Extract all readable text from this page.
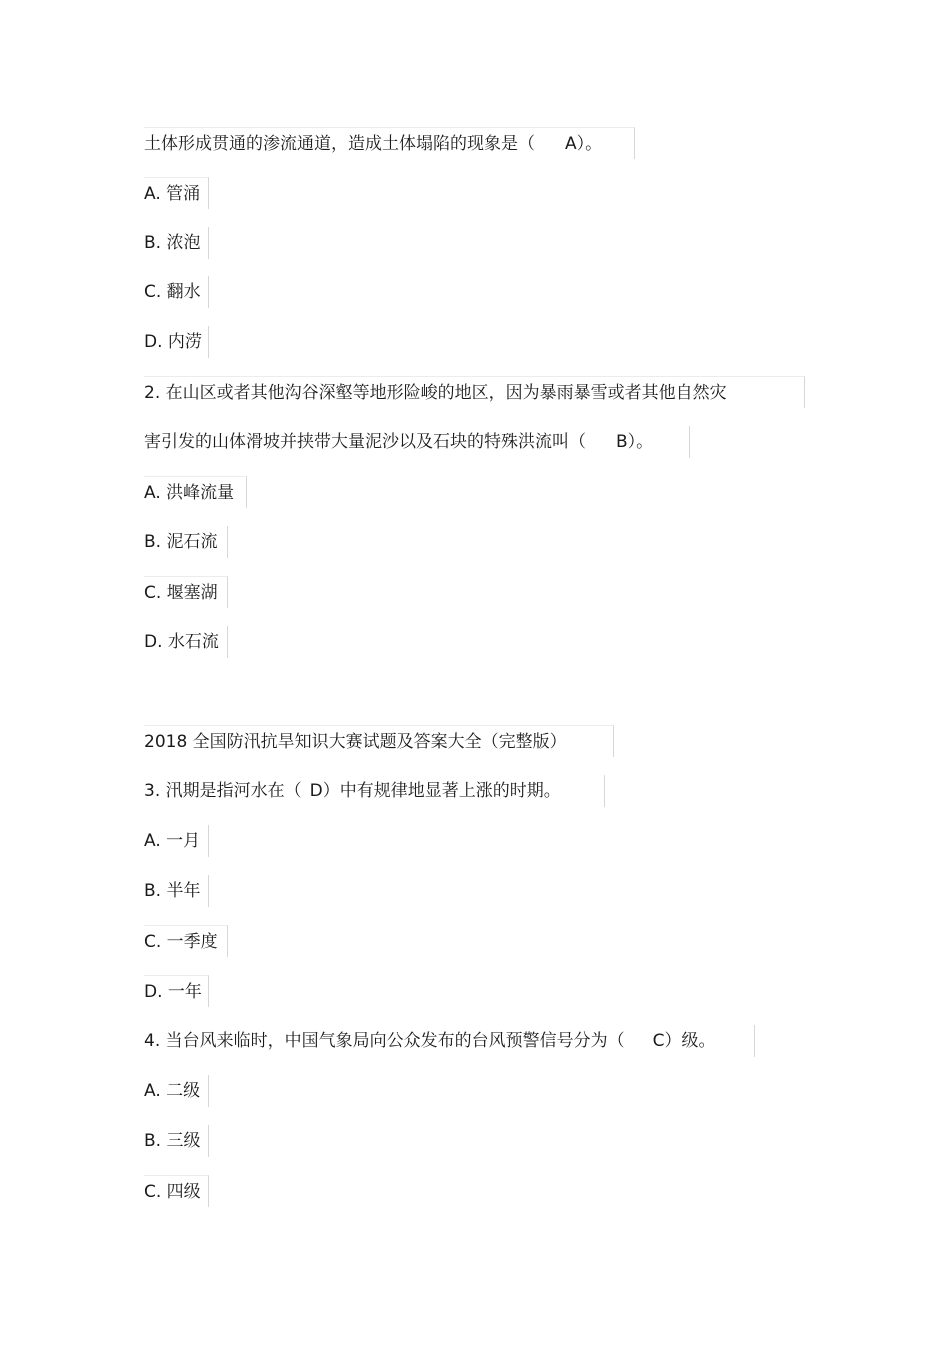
土体形成贯通的渗流通道，造成土体塌陷的现象是（ A）。
A. 管涌
B. 浓泡
C. 翻水
D. 内涝
2. 在山区或者其他沟谷深壑等地形险峻的地区，因为暴雨暴雪或者其他自然灾
害引发的山体滑坡并挟带大量泥沙以及石块的特殊洪流叫（ B）。
A. 洪峰流量
B. 泥石流
C. 堰塞湖
D. 水石流
2018 全国防汛抗旱知识大赛试题及答案大全（完整版）
3. 汛期是指河水在（ D）中有规律地显著上涨的时期。
A. 一月
B. 半年
C. 一季度
D. 一年
4. 当台风来临时，中国气象局向公众发布的台风预警信号分为（ C）级。
A. 二级
B. 三级
C. 四级
